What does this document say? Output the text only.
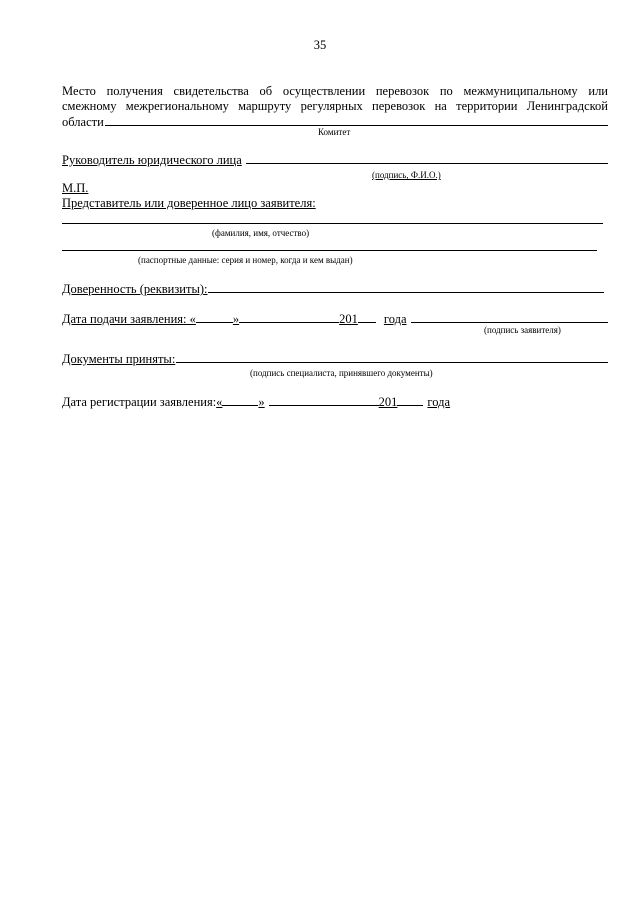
35
Место получения свидетельства об осуществлении перевозок по межмуниципальному или
смежному межрегиональному маршруту регулярных перевозок на территории Ленинградской
области
Комитет
Руководитель юридического лица
(подпись, Ф.И.О.)
М.П.
Представитель или доверенное лицо заявителя:
(фамилия, имя, отчество)
(паспортные данные: серия и номер, когда и кем выдан)
Доверенность (реквизиты):
Дата подачи заявления: «	»	201 года
(подпись заявителя)
Документы приняты:
(подпись специалиста, принявшего документы)
Дата регистрации заявления: «	»	201 года
